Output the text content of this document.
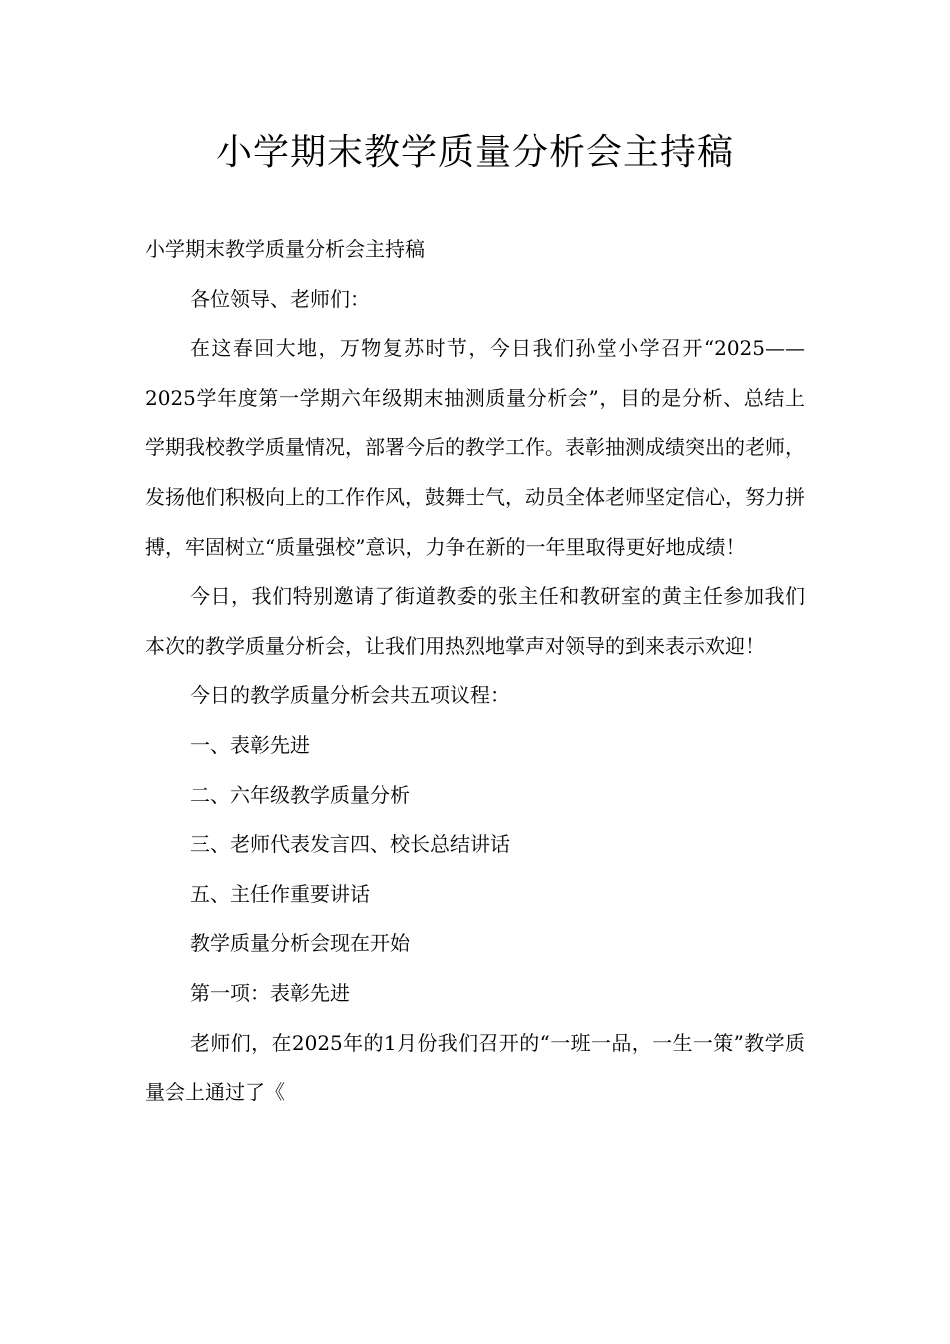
小学期末教学质量分析会主持稿

小学期末教学质量分析会主持稿

各位领导、老师们：

在这春回大地，万物复苏时节，今日我们孙堂小学召开“2025——2025学年度第一学期六年级期末抽测质量分析会”，目的是分析、总结上学期我校教学质量情况，部署今后的教学工作。表彰抽测成绩突出的老师，发扬他们积极向上的工作作风，鼓舞士气，动员全体老师坚定信心，努力拼搏，牢固树立“质量强校”意识，力争在新的一年里取得更好地成绩！

今日，我们特别邀请了街道教委的张主任和教研室的黄主任参加我们本次的教学质量分析会，让我们用热烈地掌声对领导的到来表示欢迎！

今日的教学质量分析会共五项议程：

一、表彰先进

二、六年级教学质量分析

三、老师代表发言四、校长总结讲话

五、主任作重要讲话

教学质量分析会现在开始

第一项：表彰先进

老师们，在2025年的1月份我们召开的“一班一品，一生一策”教学质量会上通过了《
